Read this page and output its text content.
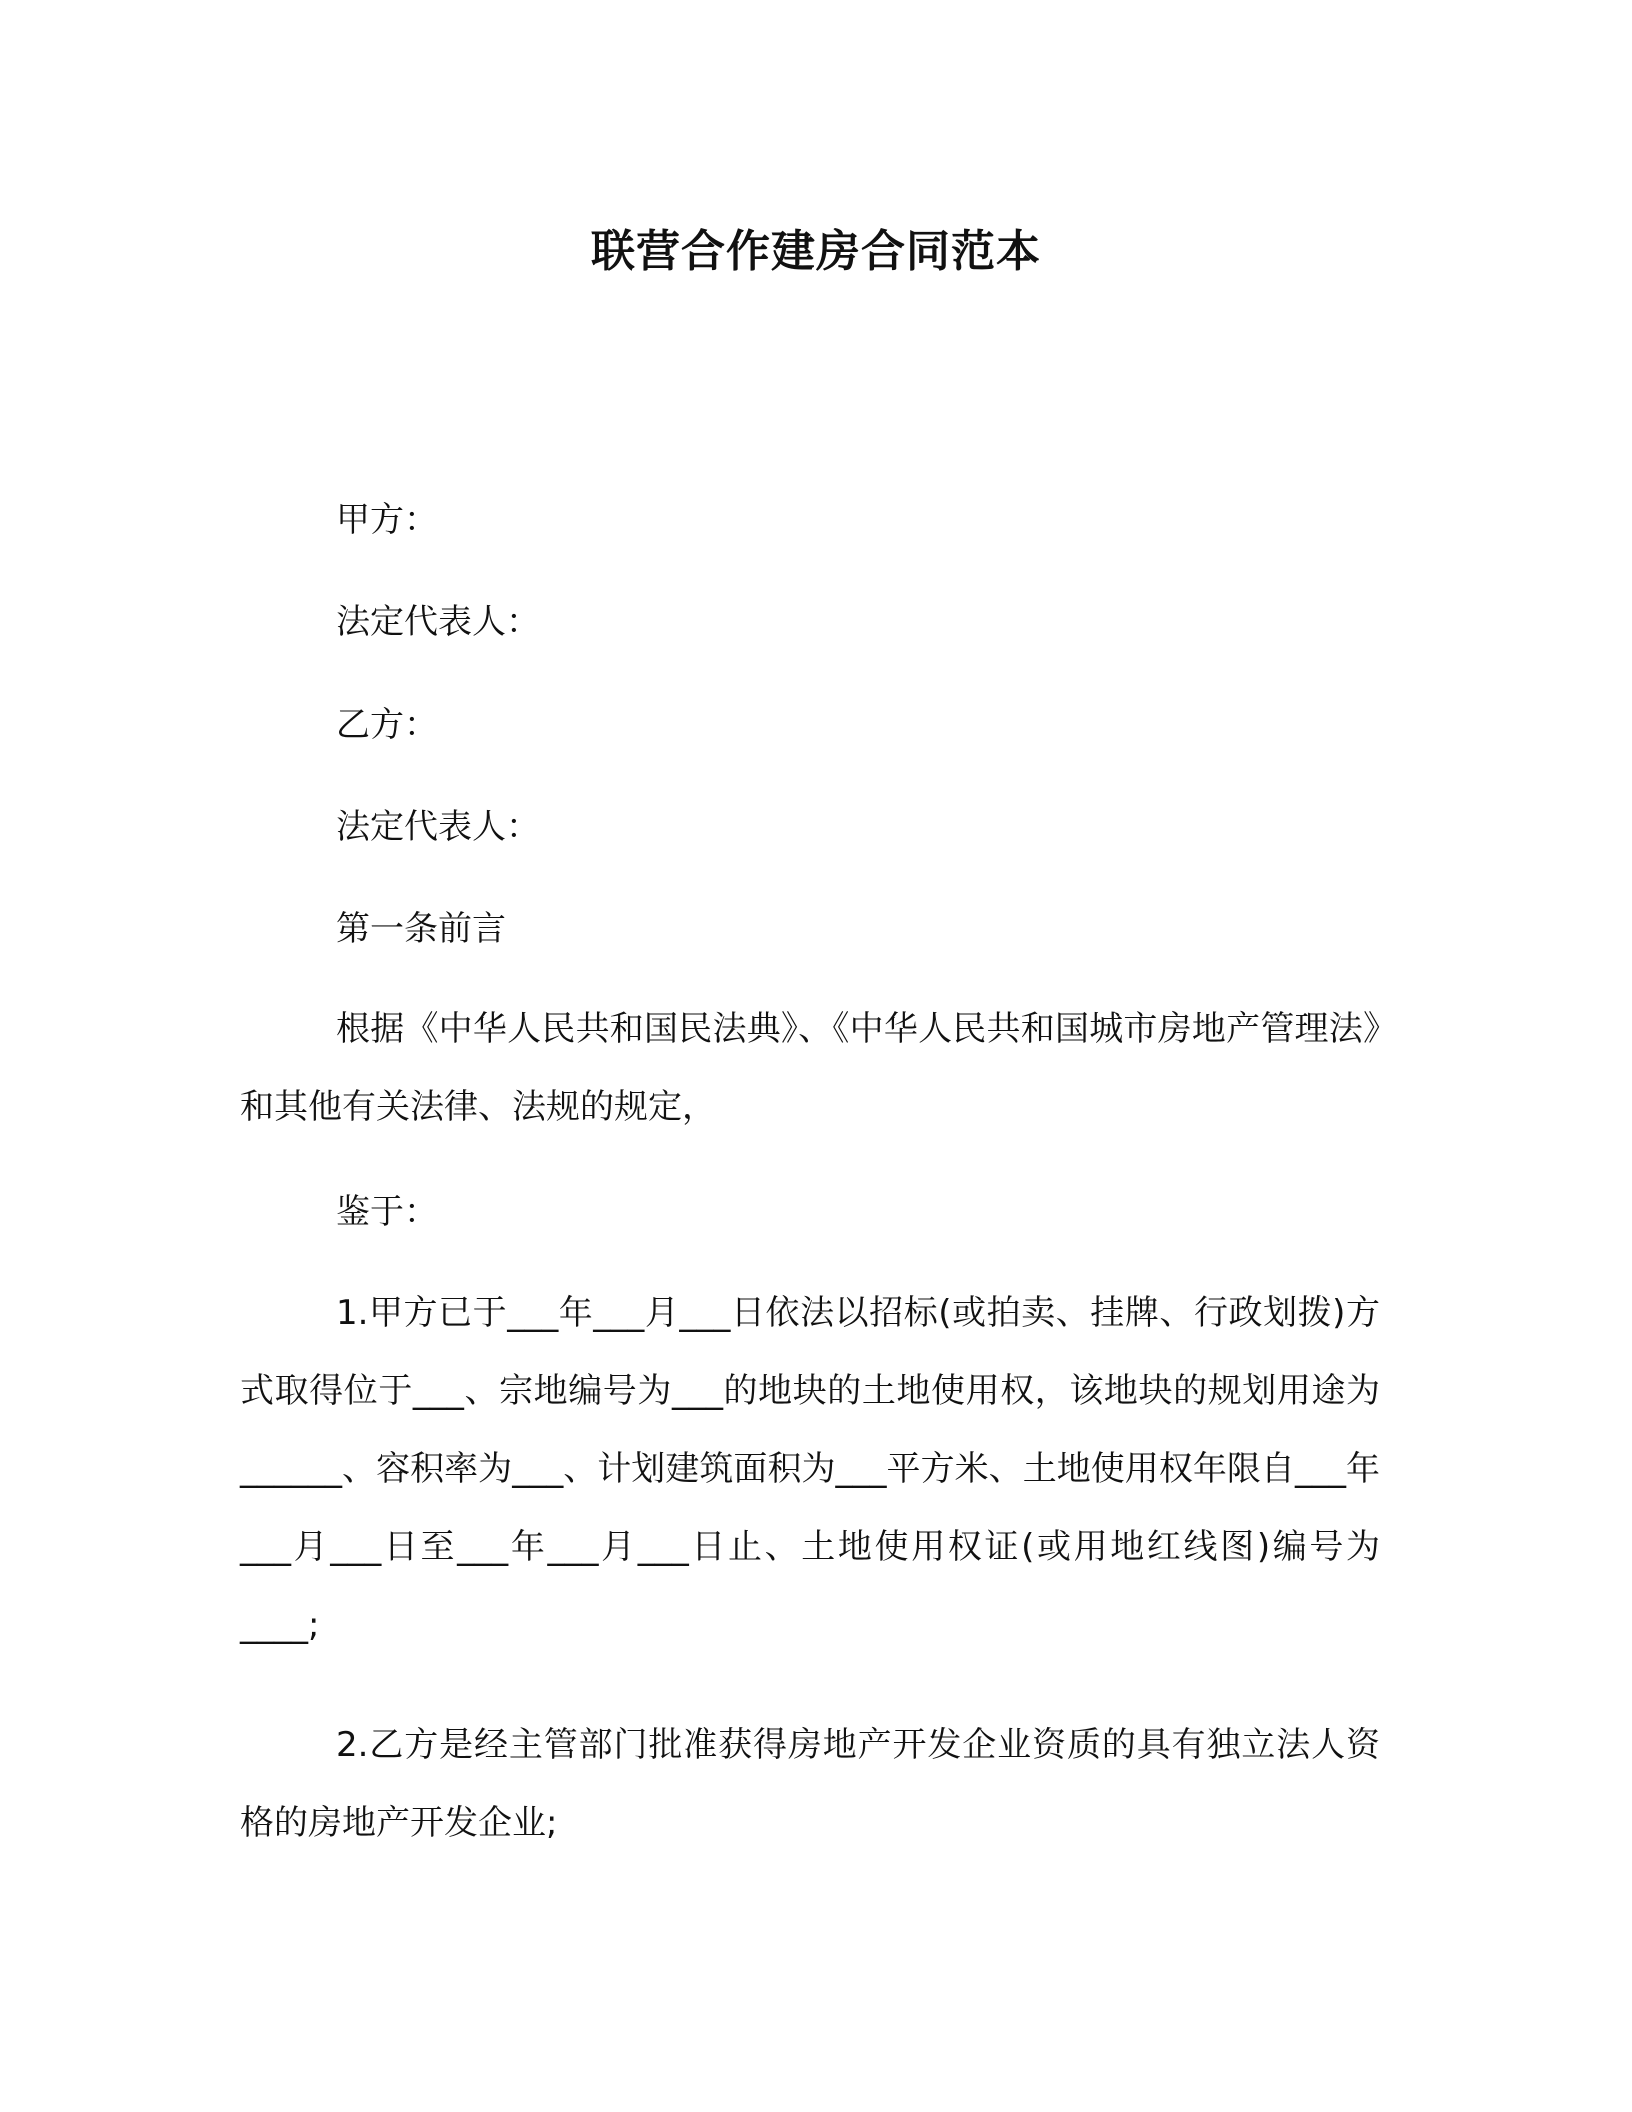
联营合作建房合同范本

甲方：

法定代表人：

乙方：

法定代表人：

第一条前言

根据《中华人民共和国民法典》、《中华人民共和国城市房地产管理法》和其他有关法律、法规的规定，

鉴于：

1.甲方已于___年___月___日依法以招标(或拍卖、挂牌、行政划拨)方式取得位于___、宗地编号为___的地块的土地使用权，该地块的规划用途为______、容积率为___、计划建筑面积为___平方米、土地使用权年限自___年___月___日至___年___月___日止、土地使用权证(或用地红线图)编号为____;

2.乙方是经主管部门批准获得房地产开发企业资质的具有独立法人资格的房地产开发企业;
